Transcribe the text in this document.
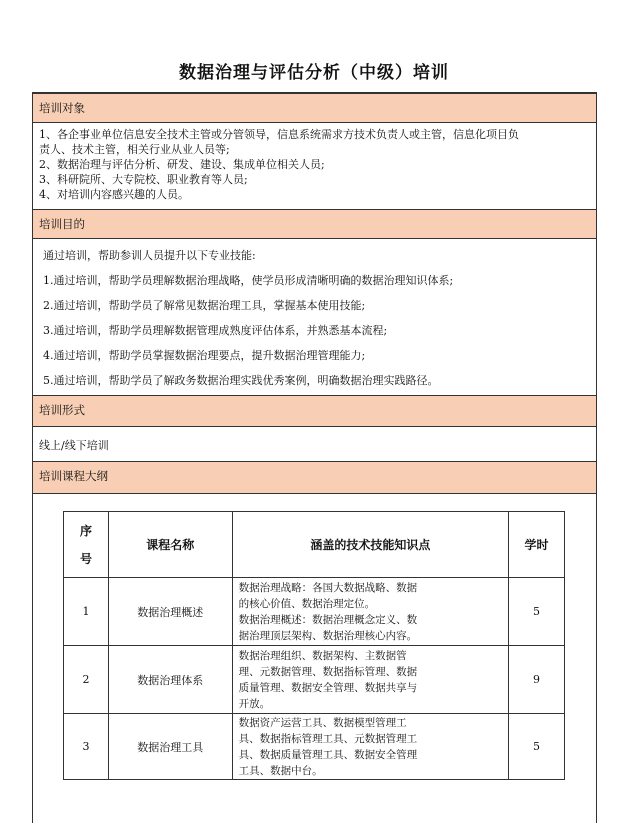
数据治理与评估分析（中级）培训
培训对象
1、各企事业单位信息安全技术主管或分管领导，信息系统需求方技术负责人或主管，信息化项目负
责人、技术主管，相关行业从业人员等;
2、数据治理与评估分析、研发、建设、集成单位相关人员;
3、科研院所、大专院校、职业教育等人员;
4、对培训内容感兴趣的人员。
培训目的

通过培训，帮助参训人员提升以下专业技能:

1.通过培训，帮助学员理解数据治理战略，使学员形成清晰明确的数据治理知识体系;

2.通过培训，帮助学员了解常见数据治理工具，掌握基本使用技能;

3.通过培训，帮助学员理解数据管理成熟度评估体系，并熟悉基本流程;

4.通过培训，帮助学员掌握数据治理要点，提升数据治理管理能力;

5.通过培训，帮助学员了解政务数据治理实践优秀案例，明确数据治理实践路径。

培训形式
线上/线下培训
培训课程大纲
序
号	课程名称	涵盖的技术技能知识点	学时
1	数据治理概述	数据治理战略：各国大数据战略、数据
的核心价值、数据治理定位。
数据治理概述：数据治理概念定义、数
据治理顶层架构、数据治理核心内容。	5
2	数据治理体系	数据治理组织、数据架构、主数据管
理、元数据管理、数据指标管理、数据
质量管理、数据安全管理、数据共享与
开放。	9
3	数据治理工具	数据资产运营工具、数据模型管理工
具、数据指标管理工具、元数据管理工
具、数据质量管理工具、数据安全管理
工具、数据中台。	5
